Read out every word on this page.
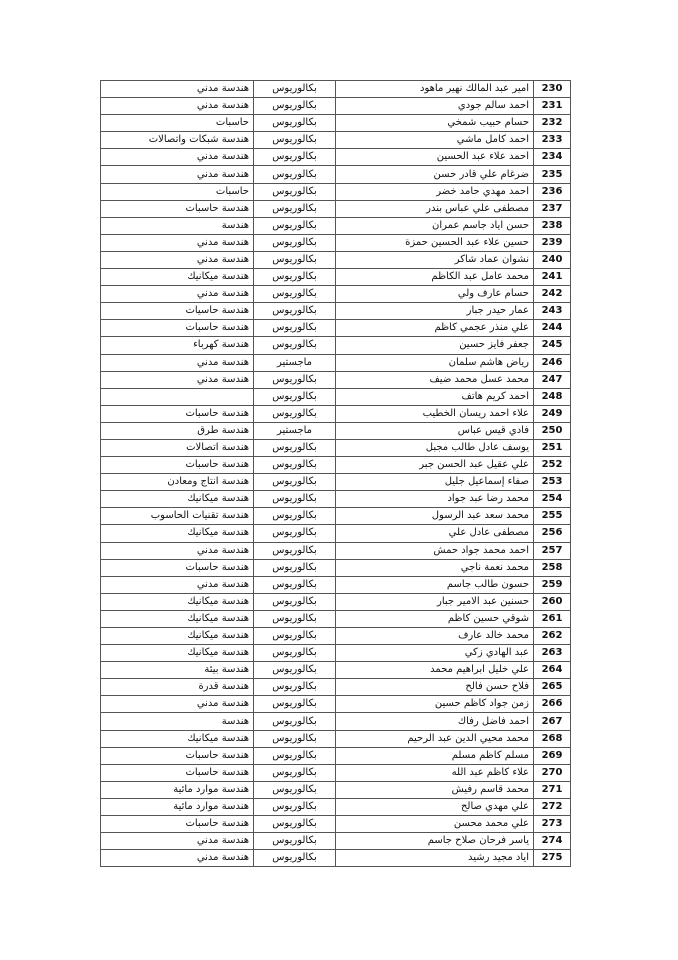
هندسة مدني	بكالوريوس	امير عبد المالك نهير ماهود	230
هندسة مدني	بكالوريوس	احمد سالم جودي	231
حاسبات	بكالوريوس	حسام حبيب شمخي	232
هندسة شبكات واتصالات	بكالوريوس	احمد كامل ماشي	233
هندسة مدني	بكالوريوس	احمد علاء عبد الحسين	234
هندسة مدني	بكالوريوس	ضرغام علي قادر حسن	235
حاسبات	بكالوريوس	احمد مهدي حامد خضر	236
هندسة حاسبات	بكالوريوس	مصطفى علي عباس بندر	237
هندسة	بكالوريوس	حسن اياد جاسم عمران	238
هندسة مدني	بكالوريوس	حسين علاء عبد الحسين حمزة	239
هندسة مدني	بكالوريوس	نشوان عماد شاكر	240
هندسة ميكانيك	بكالوريوس	محمد عامل عبد الكاظم	241
هندسة مدني	بكالوريوس	حسام عارف ولي	242
هندسة حاسيات	بكالوريوس	عمار حيدر جبار	243
هندسة حاسبات	بكالوريوس	علي منذر عجمي كاظم	244
هندسة كهرباء	بكالوريوس	جعفر فايز حسين	245
هندسة مدني	ماجستير	رياض هاشم سلمان	246
هندسة مدني	بكالوريوس	محمد عسل محمد ضيف	247
	بكالوريوس	احمد كريم هاتف	248
هندسة حاسبات	بكالوريوس	علاء احمد ريسان الخطيب	249
هندسة طرق	ماجستير	فادي قيس عباس	250
هندسة اتصالات	بكالوريوس	يوسف عادل طالب مجبل	251
هندسة حاسبات	بكالوريوس	علي عقيل عبد الحسن جبر	252
هندسة انتاج ومعادن	بكالوريوس	صفاء إسماعيل جليل	253
هندسة ميكانيك	بكالوريوس	محمد رضا عبد جواد	254
هندسة تقنيات الحاسوب	بكالوريوس	محمد سعد عبد الرسول	255
هندسة ميكانيك	بكالوريوس	مصطفى عادل علي	256
هندسة مدني	بكالوريوس	احمد محمد جواد حمش	257
هندسة حاسبات	بكالوريوس	محمد نعمة ناجي	258
هندسة مدني	بكالوريوس	حسون طالب جاسم	259
هندسة ميكانيك	بكالوريوس	حسنين عبد الامير جبار	260
هندسة ميكانيك	بكالوريوس	شوقي حسين كاظم	261
هندسة ميكانيك	بكالوريوس	محمد خالد عارف	262
هندسة ميكانيك	بكالوريوس	عبد الهادي زكي	263
هندسة بيئة	بكالوريوس	علي خليل ابراهيم محمد	264
هندسة قدرة	بكالوريوس	فلاح حسن فالح	265
هندسة مدني	بكالوريوس	زمن جواد كاظم حسين	266
هندسة	بكالوريوس	احمد فاضل رفاك	267
هندسة ميكانيك	بكالوريوس	محمد محيي الدين عبد الرحيم	268
هندسة حاسبات	بكالوريوس	مسلم كاظم مسلم	269
هندسة حاسبات	بكالوريوس	علاء كاظم عبد الله	270
هندسة موارد مائية	بكالوريوس	محمد قاسم رفيش	271
هندسة موارد مائية	بكالوريوس	علي مهدي صالح	272
هندسة حاسبات	بكالوريوس	علي محمد محسن	273
هندسة مدني	بكالوريوس	ياسر فرحان صلاح جاسم	274
هندسة مدني	بكالوريوس	اياد مجيد رشيد	275
